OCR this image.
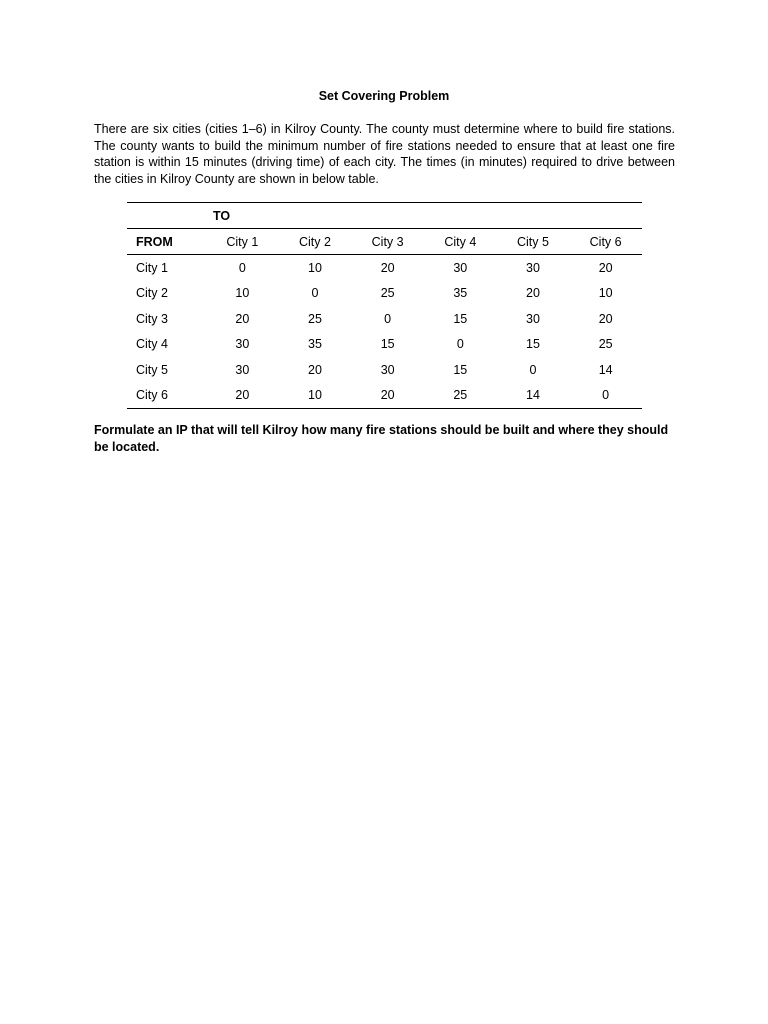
Set Covering Problem
There are six cities (cities 1–6) in Kilroy County. The county must determine where to build fire stations. The county wants to build the minimum number of fire stations needed to ensure that at least one fire station is within 15 minutes (driving time) of each city. The times (in minutes) required to drive between the cities in Kilroy County are shown in below table.
TO						
FROM	City 1	City 2	City 3	City 4	City 5	City 6
City 1	0	10	20	30	30	20
City 2	10	0	25	35	20	10
City 3	20	25	0	15	30	20
City 4	30	35	15	0	15	25
City 5	30	20	30	15	0	14
City 6	20	10	20	25	14	0
Formulate an IP that will tell Kilroy how many fire stations should be built and where they should be located.
